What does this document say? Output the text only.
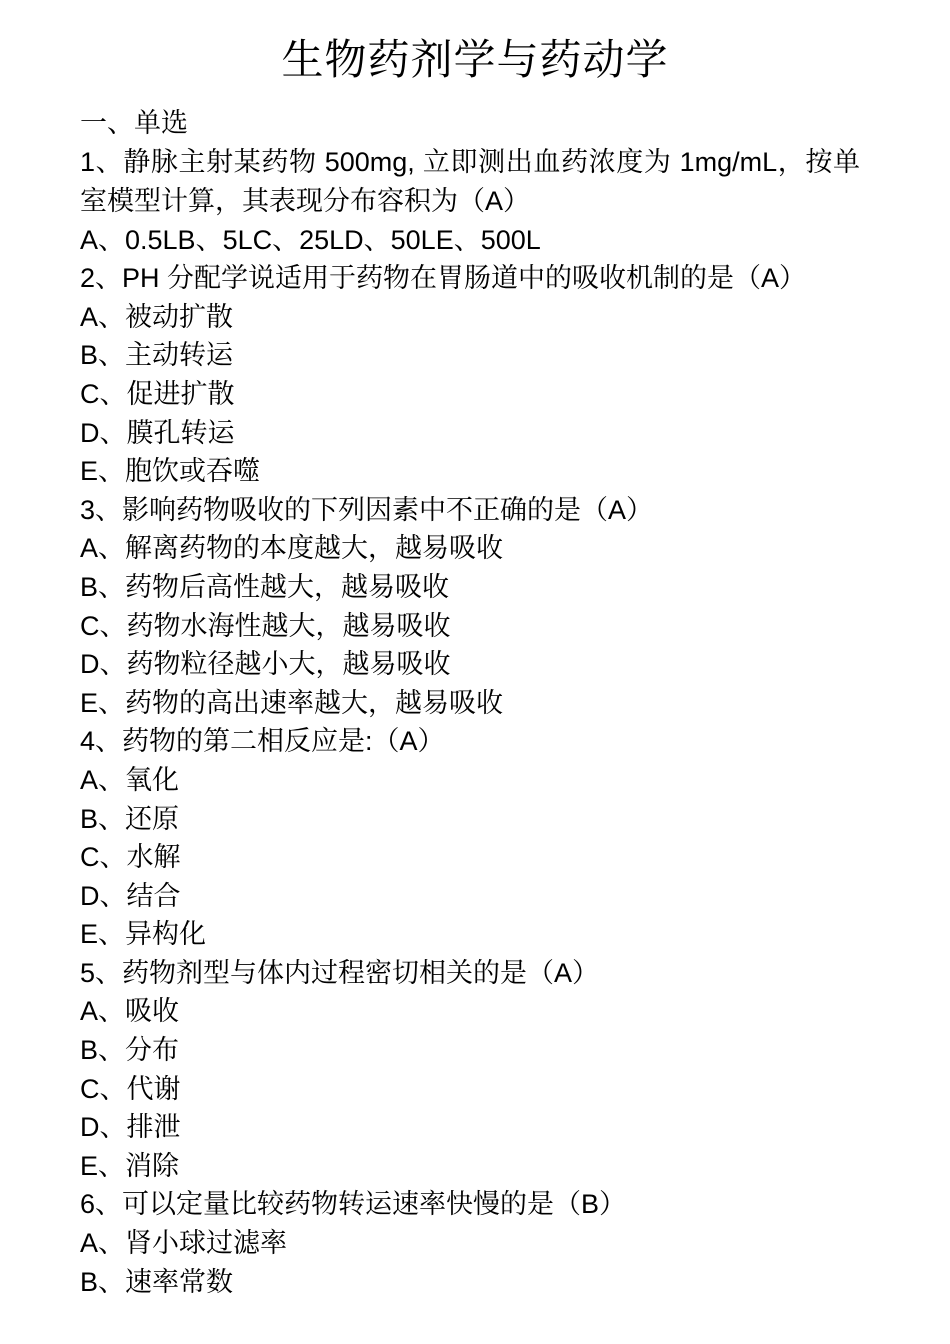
生物药剂学与药动学
一、单选
1、静脉主射某药物 500mg, 立即测出血药浓度为 1mg/mL，按单室模型计算，其表现分布容积为（A）
A、0.5LB、5LC、25LD、50LE、500L
2、PH 分配学说适用于药物在胃肠道中的吸收机制的是（A）
A、被动扩散
B、主动转运
C、促进扩散
D、膜孔转运
E、胞饮或吞噬
3、影响药物吸收的下列因素中不正确的是（A）
A、解离药物的本度越大，越易吸收
B、药物后高性越大，越易吸收
C、药物水海性越大，越易吸收
D、药物粒径越小大，越易吸收
E、药物的高出速率越大，越易吸收
4、药物的第二相反应是:（A）
A、氧化
B、还原
C、水解
D、结合
E、异构化
5、药物剂型与体内过程密切相关的是（A）
A、吸收
B、分布
C、代谢
D、排泄
E、消除
6、可以定量比较药物转运速率快慢的是（B）
A、肾小球过滤率
B、速率常数
